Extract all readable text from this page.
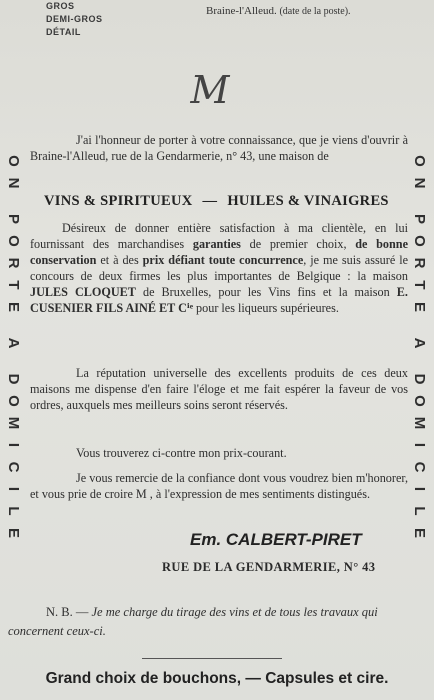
GROS
DEMI-GROS
DÉTAIL
Braine-l'Alleud. (date de la poste).
M
O
N

P
O
R
T
E

A

D
O
M
I
C
I
L
E
O
N

P
O
R
T
E

A

D
O
M
I
C
I
L
E
J'ai l'honneur de porter à votre connaissance, que je viens d'ouvrir à Braine-l'Alleud, rue de la Gendarmerie, n° 43, une maison de
VINS & SPIRITUEUX — HUILES & VINAIGRES
Désireux de donner entière satisfaction à ma clientèle, en lui fournissant des marchandises garanties de premier choix, de bonne conservation et à des prix défiant toute concurrence, je me suis assuré le concours de deux firmes les plus importantes de Belgique : la maison JULES CLOQUET de Bruxelles, pour les Vins fins et la maison E. CUSENIER FILS AINÉ ET Cⁱᵉ pour les liqueurs supérieures.
La réputation universelle des excellents produits de ces deux maisons me dispense d'en faire l'éloge et me fait espérer la faveur de vos ordres, auxquels mes meilleurs soins seront réservés.
Vous trouverez ci-contre mon prix-courant.
Je vous remercie de la confiance dont vous voudrez bien m'honorer, et vous prie de croire M , à l'expression de mes sentiments distingués.
Em. CALBERT-PIRET
RUE DE LA GENDARMERIE, N° 43
N. B. — Je me charge du tirage des vins et de tous les travaux qui concernent ceux-ci.
Grand choix de bouchons, — Capsules et cire.
